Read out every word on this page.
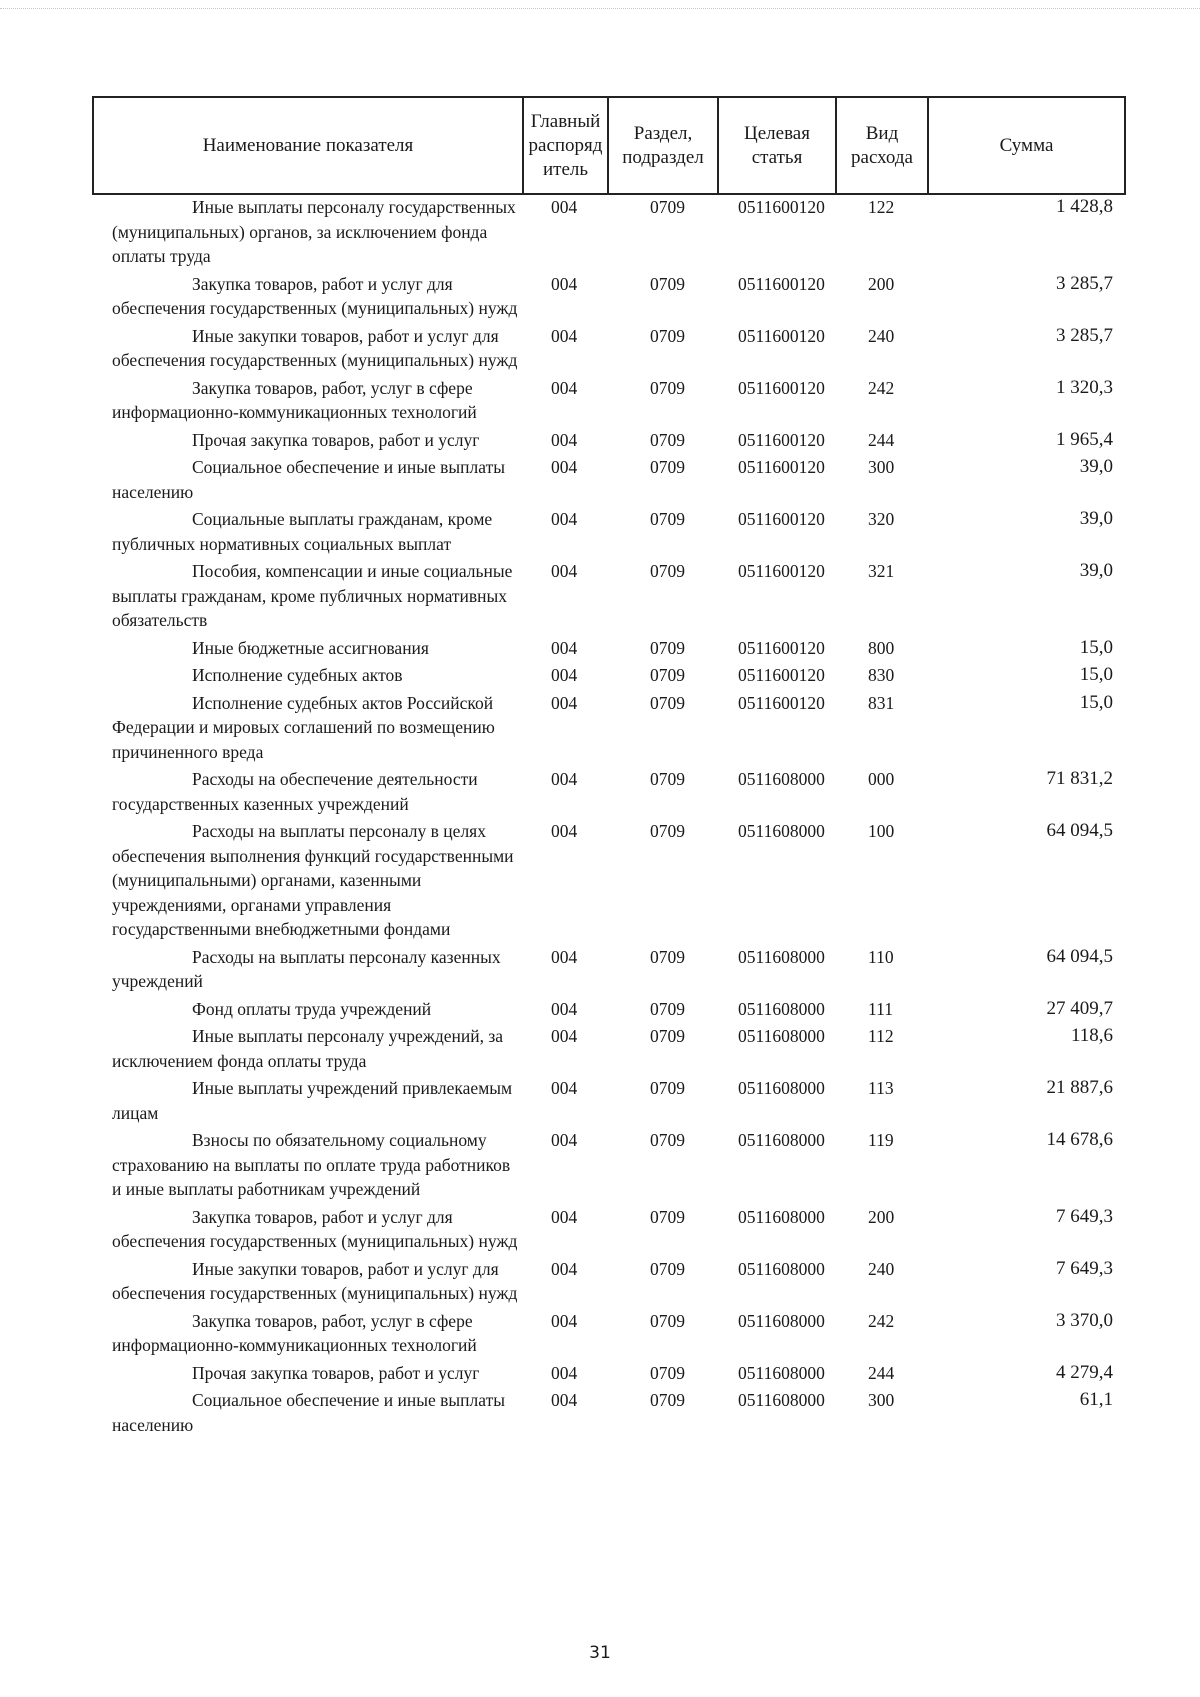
Наименование показателя	Главный распоряд итель	Раздел, подраздел	Целевая статья	Вид расхода	Сумма

Иные выплаты персоналу государственных (муниципальных) органов, за исключением фонда оплаты труда	004	0709	0511600120	122	1 428,8

Закупка товаров, работ и услуг для обеспечения государственных (муниципальных) нужд	004	0709	0511600120	200	3 285,7

Иные закупки товаров, работ и услуг для обеспечения государственных (муниципальных) нужд	004	0709	0511600120	240	3 285,7

Закупка товаров, работ, услуг в сфере информационно-коммуникационных технологий	004	0709	0511600120	242	1 320,3

Прочая закупка товаров, работ и услуг	004	0709	0511600120	244	1 965,4

Социальное обеспечение и иные выплаты населению	004	0709	0511600120	300	39,0

Социальные выплаты гражданам, кроме публичных нормативных социальных выплат	004	0709	0511600120	320	39,0

Пособия, компенсации и иные социальные выплаты гражданам, кроме публичных нормативных обязательств	004	0709	0511600120	321	39,0

Иные бюджетные ассигнования	004	0709	0511600120	800	15,0

Исполнение судебных актов	004	0709	0511600120	830	15,0

Исполнение судебных актов Российской Федерации и мировых соглашений по возмещению причиненного вреда	004	0709	0511600120	831	15,0

Расходы на обеспечение деятельности государственных казенных учреждений	004	0709	0511608000	000	71 831,2

Расходы на выплаты персоналу в целях обеспечения выполнения функций государственными (муниципальными) органами, казенными учреждениями, органами управления государственными внебюджетными фондами	004	0709	0511608000	100	64 094,5

Расходы на выплаты персоналу казенных учреждений	004	0709	0511608000	110	64 094,5

Фонд оплаты труда учреждений	004	0709	0511608000	111	27 409,7

Иные выплаты персоналу учреждений, за исключением фонда оплаты труда	004	0709	0511608000	112	118,6

Иные выплаты учреждений привлекаемым лицам	004	0709	0511608000	113	21 887,6

Взносы по обязательному социальному страхованию на выплаты по оплате труда работников и иные выплаты работникам учреждений	004	0709	0511608000	119	14 678,6

Закупка товаров, работ и услуг для обеспечения государственных (муниципальных) нужд	004	0709	0511608000	200	7 649,3

Иные закупки товаров, работ и услуг для обеспечения государственных (муниципальных) нужд	004	0709	0511608000	240	7 649,3

Закупка товаров, работ, услуг в сфере информационно-коммуникационных технологий	004	0709	0511608000	242	3 370,0

Прочая закупка товаров, работ и услуг	004	0709	0511608000	244	4 279,4

Социальное обеспечение и иные выплаты населению	004	0709	0511608000	300	61,1
31
